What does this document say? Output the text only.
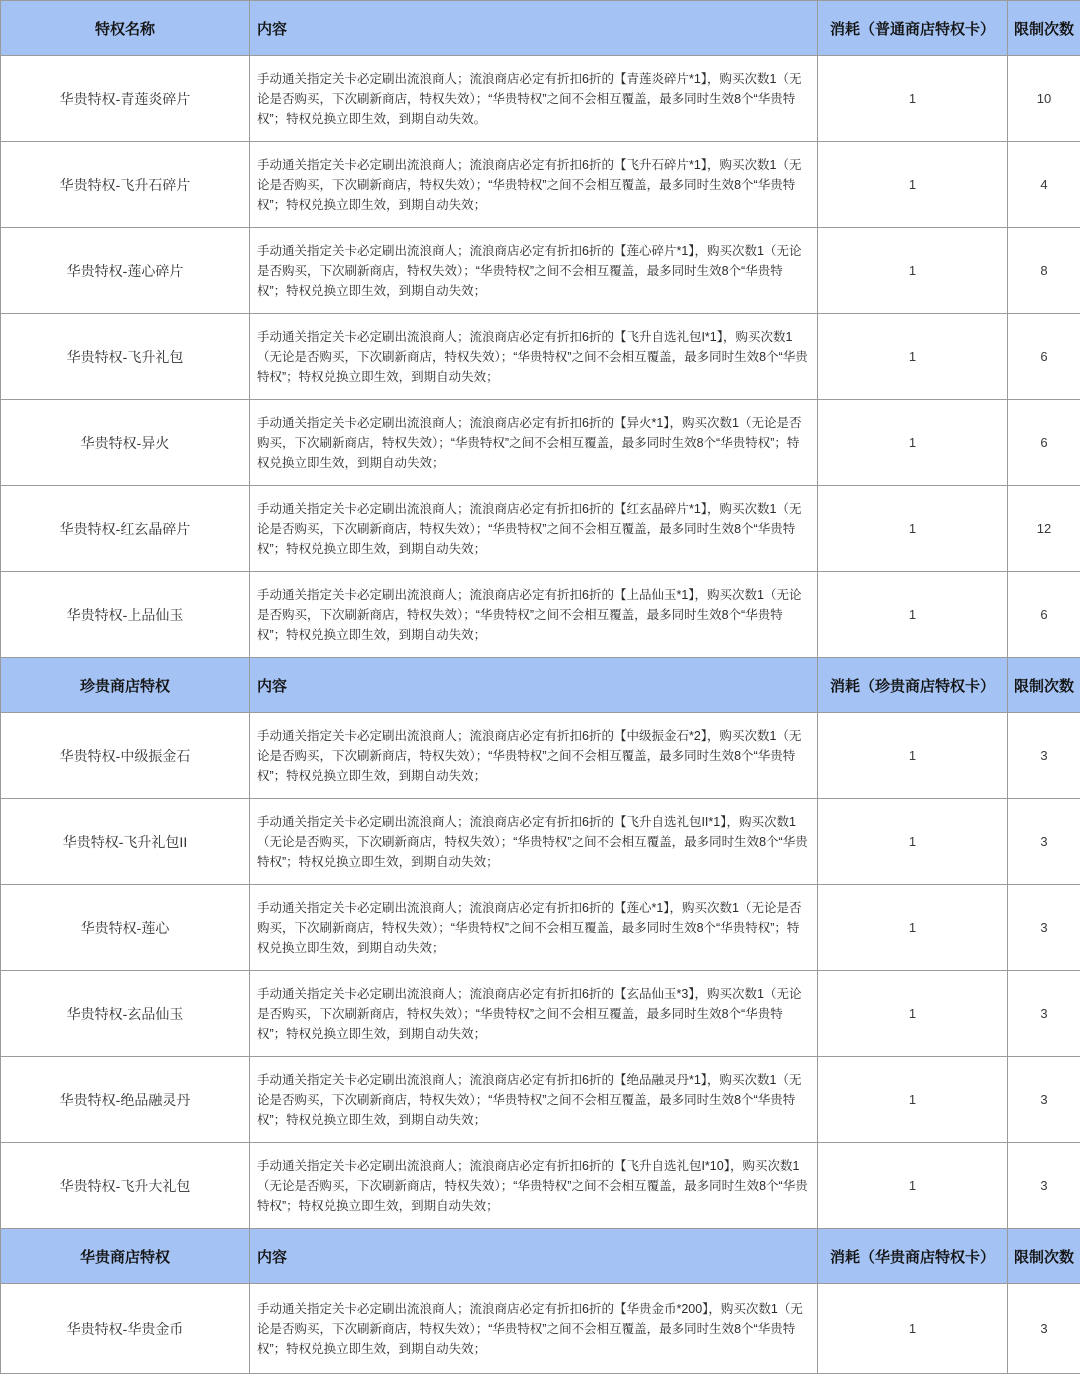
特权名称	内容	消耗（普通商店特权卡）	限制次数
华贵特权-青莲炎碎片	手动通关指定关卡必定刷出流浪商人；流浪商店必定有折扣6折的【青莲炎碎片*1】，购买次数1（无论是否购买，下次刷新商店，特权失效）；“华贵特权”之间不会相互覆盖，最多同时生效8个“华贵特权”；特权兑换立即生效，到期自动失效。	1	10
华贵特权-飞升石碎片	手动通关指定关卡必定刷出流浪商人；流浪商店必定有折扣6折的【飞升石碎片*1】，购买次数1（无论是否购买，下次刷新商店，特权失效）；“华贵特权”之间不会相互覆盖，最多同时生效8个“华贵特权”；特权兑换立即生效，到期自动失效；	1	4
华贵特权-莲心碎片	手动通关指定关卡必定刷出流浪商人；流浪商店必定有折扣6折的【莲心碎片*1】，购买次数1（无论是否购买，下次刷新商店，特权失效）；“华贵特权”之间不会相互覆盖，最多同时生效8个“华贵特权”；特权兑换立即生效，到期自动失效；	1	8
华贵特权-飞升礼包	手动通关指定关卡必定刷出流浪商人；流浪商店必定有折扣6折的【飞升自选礼包I*1】，购买次数1（无论是否购买，下次刷新商店，特权失效）；“华贵特权”之间不会相互覆盖，最多同时生效8个“华贵特权”；特权兑换立即生效，到期自动失效；	1	6
华贵特权-异火	手动通关指定关卡必定刷出流浪商人；流浪商店必定有折扣6折的【异火*1】，购买次数1（无论是否购买，下次刷新商店，特权失效）；“华贵特权”之间不会相互覆盖，最多同时生效8个“华贵特权”；特权兑换立即生效，到期自动失效；	1	6
华贵特权-红玄晶碎片	手动通关指定关卡必定刷出流浪商人；流浪商店必定有折扣6折的【红玄晶碎片*1】，购买次数1（无论是否购买，下次刷新商店，特权失效）；“华贵特权”之间不会相互覆盖，最多同时生效8个“华贵特权”；特权兑换立即生效，到期自动失效；	1	12
华贵特权-上品仙玉	手动通关指定关卡必定刷出流浪商人；流浪商店必定有折扣6折的【上品仙玉*1】，购买次数1（无论是否购买，下次刷新商店，特权失效）；“华贵特权”之间不会相互覆盖，最多同时生效8个“华贵特权”；特权兑换立即生效，到期自动失效；	1	6
珍贵商店特权	内容	消耗（珍贵商店特权卡）	限制次数
华贵特权-中级振金石	手动通关指定关卡必定刷出流浪商人；流浪商店必定有折扣6折的【中级振金石*2】，购买次数1（无论是否购买，下次刷新商店，特权失效）；“华贵特权”之间不会相互覆盖，最多同时生效8个“华贵特权”；特权兑换立即生效，到期自动失效；	1	3
华贵特权-飞升礼包II	手动通关指定关卡必定刷出流浪商人；流浪商店必定有折扣6折的【飞升自选礼包II*1】，购买次数1（无论是否购买，下次刷新商店，特权失效）；“华贵特权”之间不会相互覆盖，最多同时生效8个“华贵特权”；特权兑换立即生效，到期自动失效；	1	3
华贵特权-莲心	手动通关指定关卡必定刷出流浪商人；流浪商店必定有折扣6折的【莲心*1】，购买次数1（无论是否购买，下次刷新商店，特权失效）；“华贵特权”之间不会相互覆盖，最多同时生效8个“华贵特权”；特权兑换立即生效，到期自动失效；	1	3
华贵特权-玄品仙玉	手动通关指定关卡必定刷出流浪商人；流浪商店必定有折扣6折的【玄品仙玉*3】，购买次数1（无论是否购买，下次刷新商店，特权失效）；“华贵特权”之间不会相互覆盖，最多同时生效8个“华贵特权”；特权兑换立即生效，到期自动失效；	1	3
华贵特权-绝品融灵丹	手动通关指定关卡必定刷出流浪商人；流浪商店必定有折扣6折的【绝品融灵丹*1】，购买次数1（无论是否购买，下次刷新商店，特权失效）；“华贵特权”之间不会相互覆盖，最多同时生效8个“华贵特权”；特权兑换立即生效，到期自动失效；	1	3
华贵特权-飞升大礼包	手动通关指定关卡必定刷出流浪商人；流浪商店必定有折扣6折的【飞升自选礼包I*10】，购买次数1（无论是否购买，下次刷新商店，特权失效）；“华贵特权”之间不会相互覆盖，最多同时生效8个“华贵特权”；特权兑换立即生效，到期自动失效；	1	3
华贵商店特权	内容	消耗（华贵商店特权卡）	限制次数
华贵特权-华贵金币	手动通关指定关卡必定刷出流浪商人；流浪商店必定有折扣6折的【华贵金币*200】，购买次数1（无论是否购买，下次刷新商店，特权失效）；“华贵特权”之间不会相互覆盖，最多同时生效8个“华贵特权”；特权兑换立即生效，到期自动失效；	1	3
